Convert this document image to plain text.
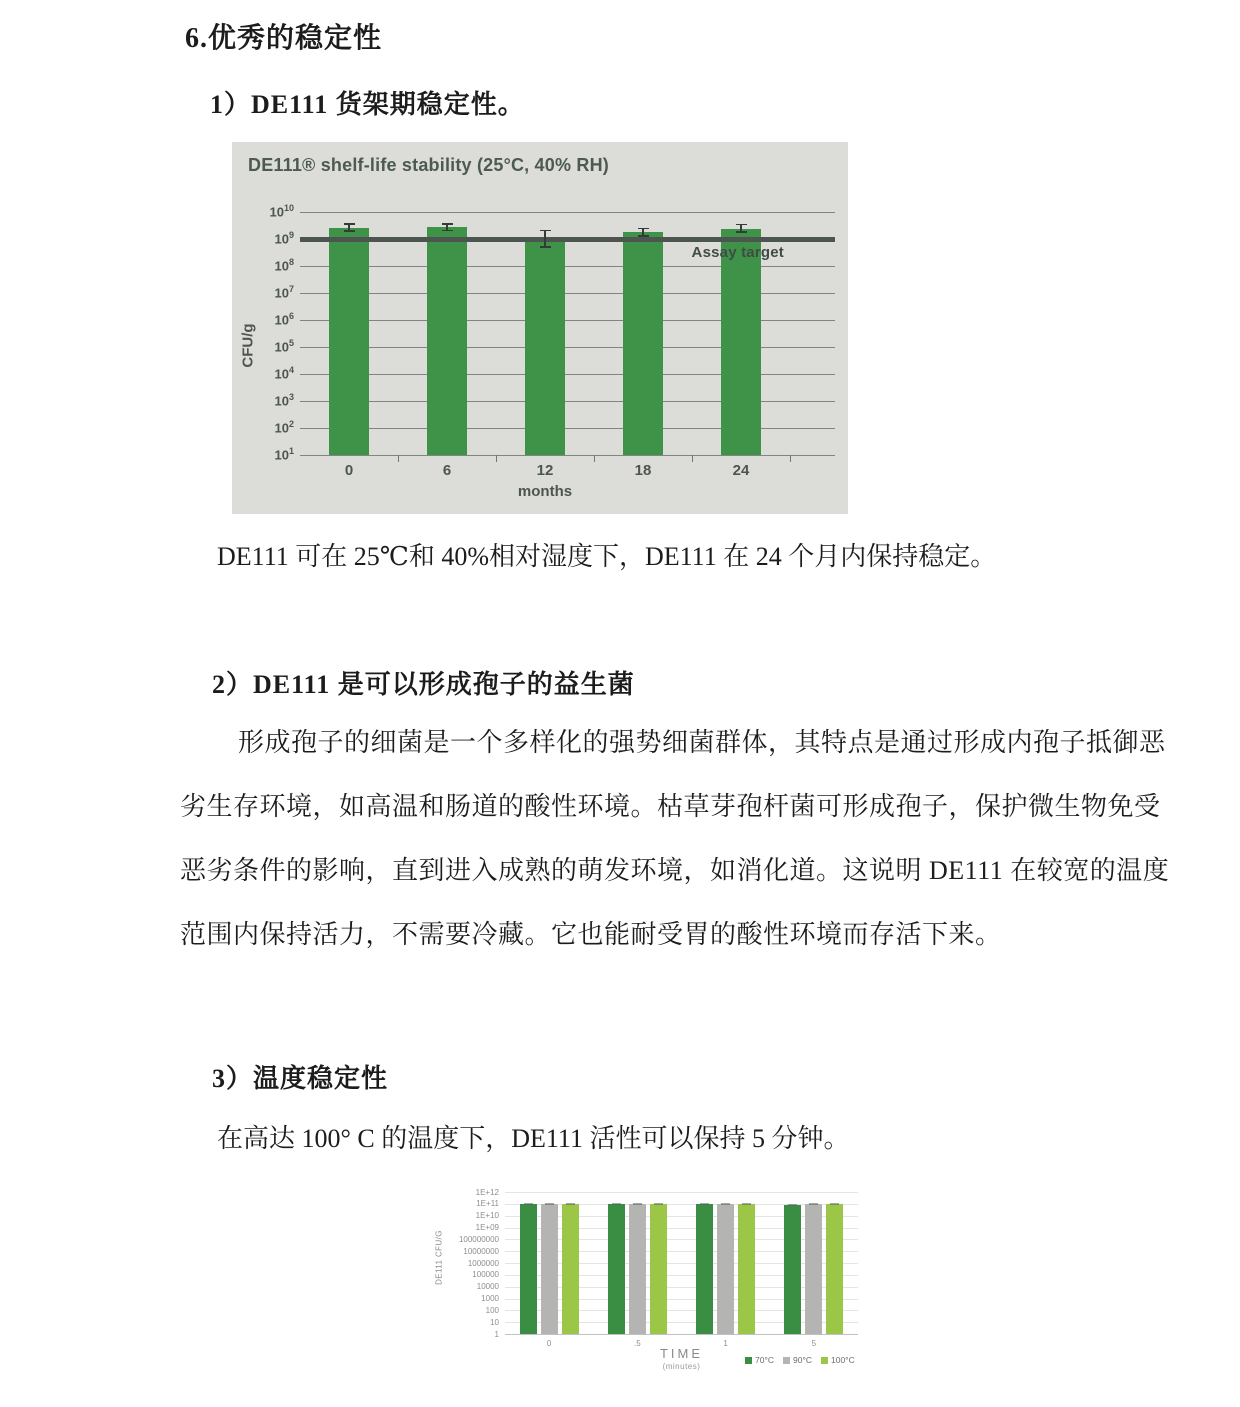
6.优秀的稳定性
1）DE111 货架期稳定性。
DE111® shelf-life stability (25°C, 40% RH)
CFU/g
months
$10^{10}$
$10^9$
$10^8$
$10^7$
$10^6$
$10^5$
$10^4$
$10^3$
$10^2$
$10^1$
0	6	12	18	24
Assay target
DE111 可在 25℃和 40%相对湿度下，DE111 在 24 个月内保持稳定。
2）DE111 是可以形成孢子的益生菌
形成孢子的细菌是一个多样化的强势细菌群体，其特点是通过形成内孢子抵御恶
劣生存环境，如高温和肠道的酸性环境。枯草芽孢杆菌可形成孢子，保护微生物免受
恶劣条件的影响，直到进入成熟的萌发环境，如消化道。这说明 DE111 在较宽的温度
范围内保持活力，不需要冷藏。它也能耐受胃的酸性环境而存活下来。
3）温度稳定性
在高达 100° C 的温度下，DE111 活性可以保持 5 分钟。
DE111 CFU/G
TIME
(minutes)
70°C 90°C 100°C
1E+12
1E+11
1E+10
1E+09
100000000
10000000
1000000
100000
10000
1000
100
10
1
0	.5	1	5
